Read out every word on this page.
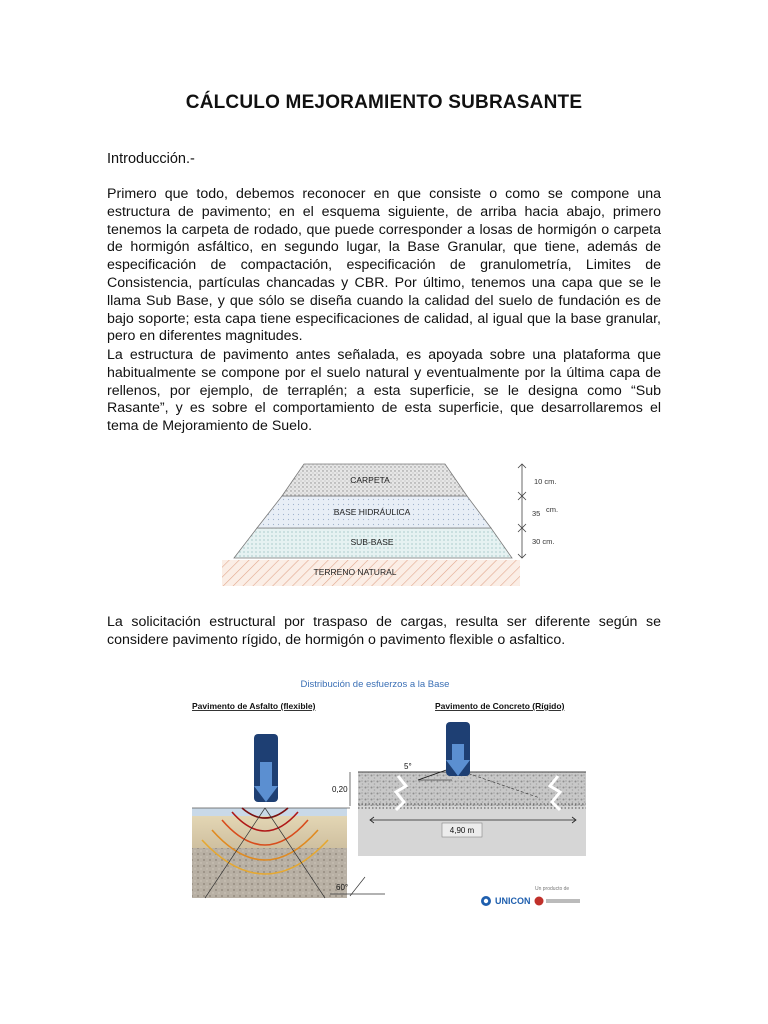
CÁLCULO MEJORAMIENTO SUBRASANTE
Introducción.-

Primero que todo, debemos reconocer en que consiste o como se compone una estructura de pavimento; en el esquema siguiente, de arriba hacia abajo, primero tenemos la carpeta de rodado, que puede corresponder a losas de hormigón o carpeta de hormigón asfáltico, en segundo lugar, la Base Granular, que tiene, además de especificación de compactación, especificación de granulometría, Limites de Consistencia, partículas chancadas y CBR. Por último, tenemos una capa que se le llama Sub Base, y que sólo se diseña cuando la calidad del suelo de fundación es de bajo soporte; esta capa tiene especificaciones de calidad, al igual que la base granular, pero en diferentes magnitudes.

La estructura de pavimento antes señalada, es apoyada sobre una plataforma que habitualmente se compone por el suelo natural y eventualmente por la última capa de rellenos, por ejemplo, de terraplén; a esta superficie, se le designa como “Sub Rasante”, y es sobre el comportamiento de esta superficie, que desarrollaremos el tema de Mejoramiento de Suelo.

CARPETA
BASE HIDRÁULICA
SUB-BASE
TERRENO NATURAL
10 cm.
35 cm.
30 cm.

La solicitación estructural por traspaso de cargas, resulta ser diferente según se considere pavimento rígido, de hormigón o pavimento flexible o asfaltico.

Distribución de esfuerzos a la Base
Pavimento de Asfalto (flexible)	Pavimento de Concreto (Rígido)
60°
4,90 m
0,20
5°
UNICON
Un producto de
